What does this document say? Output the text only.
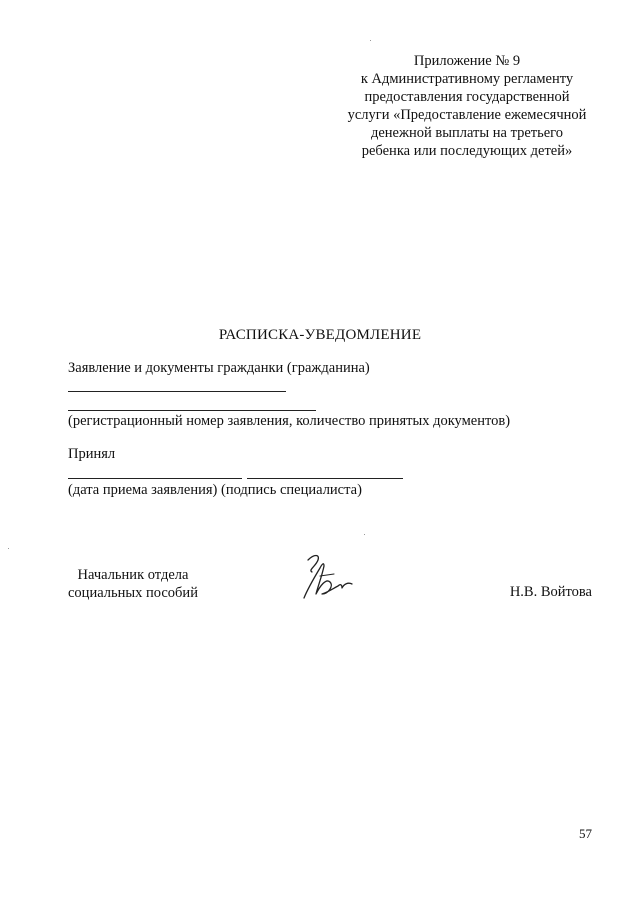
Приложение № 9
к Административному регламенту
предоставления государственной
услуги «Предоставление ежемесячной
денежной выплаты на третьего
ребенка или последующих детей»
РАСПИСКА-УВЕДОМЛЕНИЕ
Заявление и документы гражданки (гражданина)
(регистрационный номер заявления, количество принятых документов)
Принял
(дата приема заявления) (подпись специалиста)
Начальник отдела
социальных пособий	Н.В. Войтова
57
